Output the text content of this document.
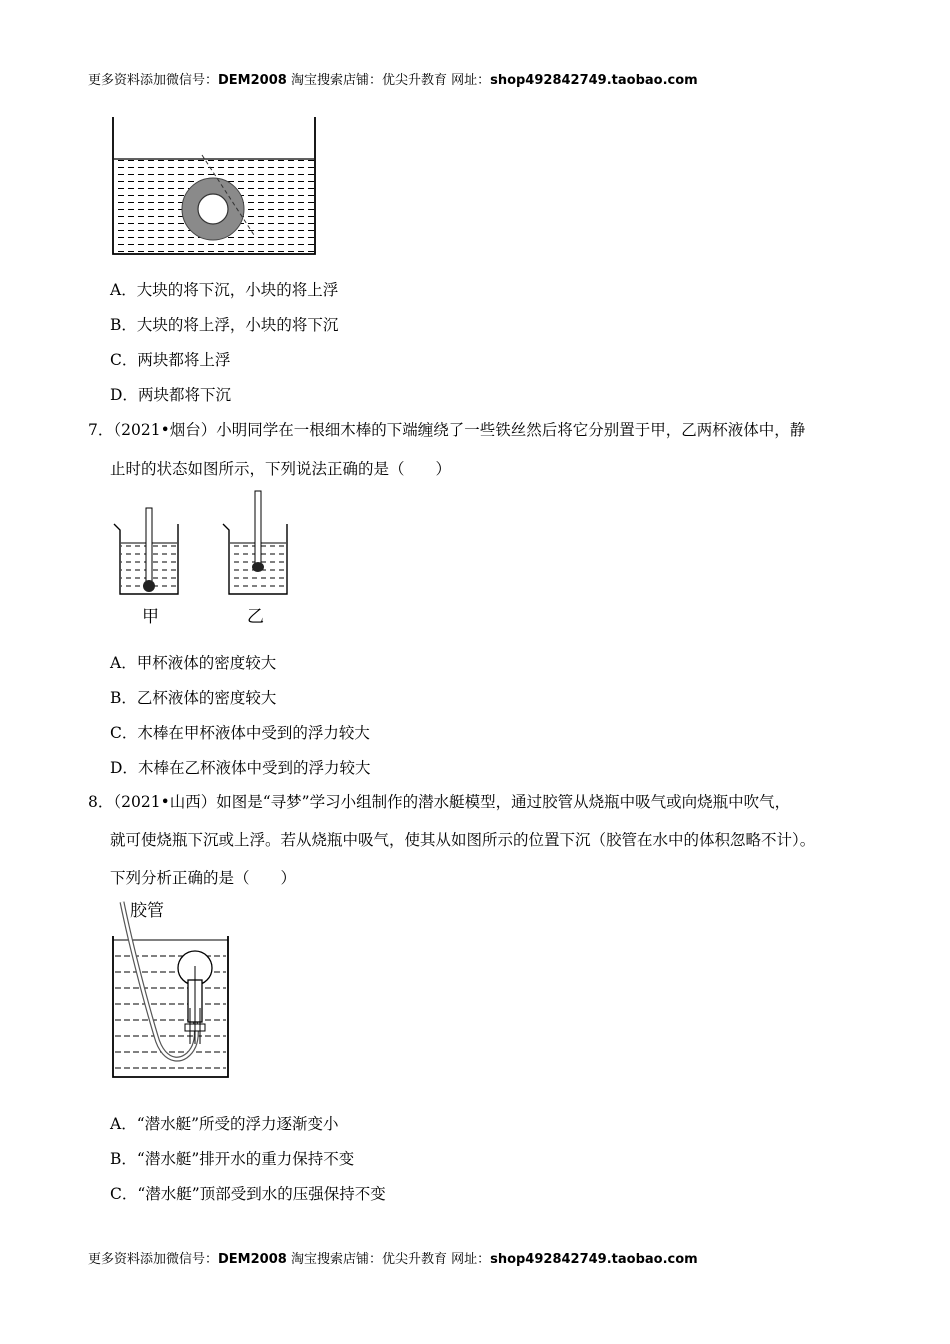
更多资料添加微信号：DEM2008 淘宝搜索店铺：优尖升教育 网址：shop492842749.taobao.com
A．大块的将下沉，小块的将上浮
B．大块的将上浮，小块的将下沉
C．两块都将上浮
D．两块都将下沉
7．（2021•烟台）小明同学在一根细木棒的下端缠绕了一些铁丝然后将它分别置于甲，乙两杯液体中，静
止时的状态如图所示，下列说法正确的是（　　）
甲	乙
A．甲杯液体的密度较大
B．乙杯液体的密度较大
C．木棒在甲杯液体中受到的浮力较大
D．木棒在乙杯液体中受到的浮力较大
8．（2021•山西）如图是“寻梦”学习小组制作的潜水艇模型，通过胶管从烧瓶中吸气或向烧瓶中吹气，
就可使烧瓶下沉或上浮。若从烧瓶中吸气，使其从如图所示的位置下沉（胶管在水中的体积忽略不计）。
下列分析正确的是（　　）
胶管
A．“潜水艇”所受的浮力逐渐变小
B．“潜水艇”排开水的重力保持不变
C．“潜水艇”顶部受到水的压强保持不变
更多资料添加微信号：DEM2008 淘宝搜索店铺：优尖升教育 网址：shop492842749.taobao.com
